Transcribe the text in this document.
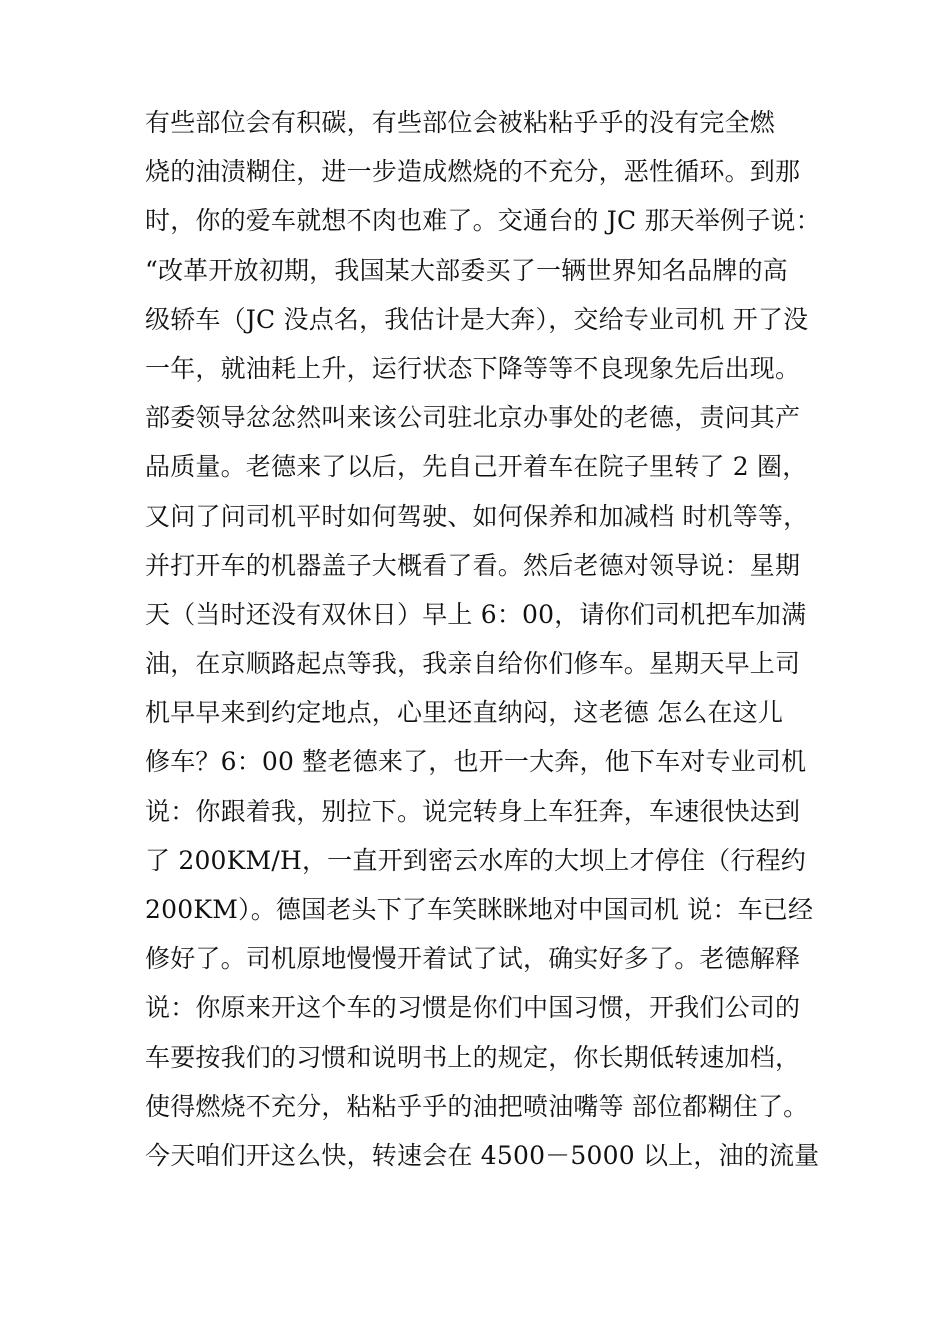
有些部位会有积碳，有些部位会被粘粘乎乎的没有完全燃
烧的油渍糊住，进一步造成燃烧的不充分，恶性循环。到那
时，你的爱车就想不肉也难了。交通台的 JC 那天举例子说：
“改革开放初期，我国某大部委买了一辆世界知名品牌的高
级轿车（JC 没点名，我估计是大奔），交给专业司机 开了没
一年，就油耗上升，运行状态下降等等不良现象先后出现。
部委领导忿忿然叫来该公司驻北京办事处的老德，责问其产
品质量。老德来了以后，先自己开着车在院子里转了 2 圈，
又问了问司机平时如何驾驶、如何保养和加减档 时机等等，
并打开车的机器盖子大概看了看。然后老德对领导说：星期
天（当时还没有双休日）早上 6：00，请你们司机把车加满
油，在京顺路起点等我，我亲自给你们修车。星期天早上司
机早早来到约定地点，心里还直纳闷，这老德 怎么在这儿
修车？6：00 整老德来了，也开一大奔，他下车对专业司机
说：你跟着我，别拉下。说完转身上车狂奔，车速很快达到
了 200KM/H，一直开到密云水库的大坝上才停住（行程约
200KM）。德国老头下了车笑眯眯地对中国司机 说：车已经
修好了。司机原地慢慢开着试了试，确实好多了。老德解释
说：你原来开这个车的习惯是你们中国习惯，开我们公司的
车要按我们的习惯和说明书上的规定，你长期低转速加档，
使得燃烧不充分，粘粘乎乎的油把喷油嘴等 部位都糊住了。
今天咱们开这么快，转速会在 4500－5000 以上，油的流量
